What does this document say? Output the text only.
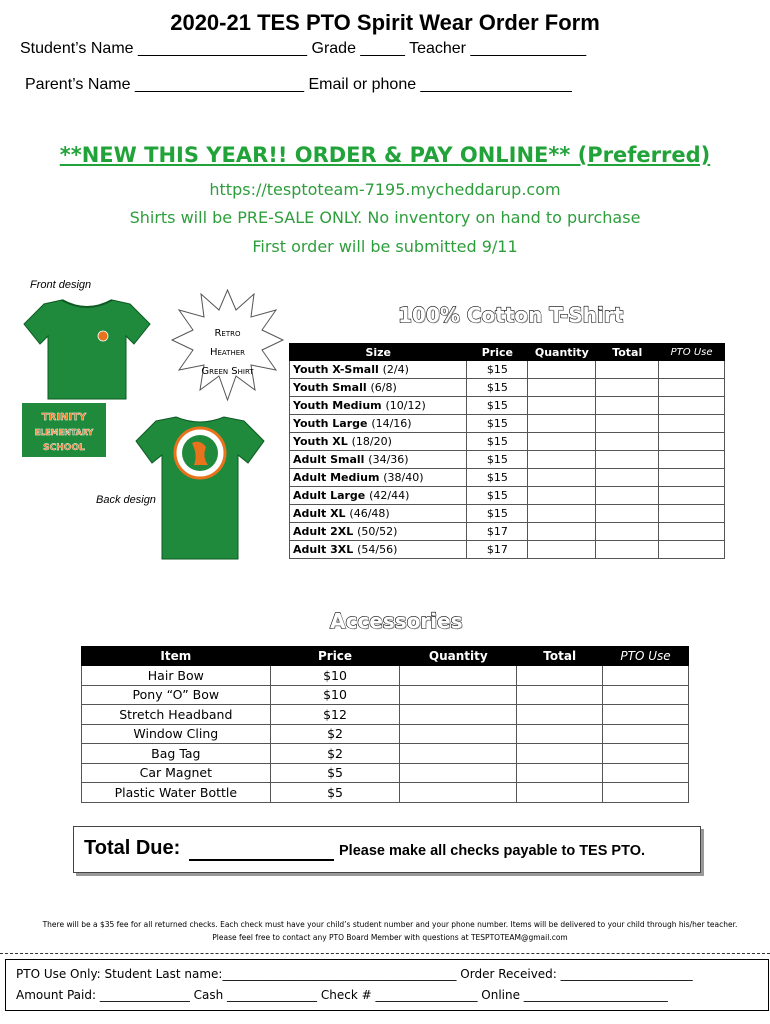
2020-21 TES PTO Spirit Wear Order Form
Student’s Name ___________________ Grade _____ Teacher _____________
Parent’s Name ___________________ Email or phone _________________
**NEW THIS YEAR!! ORDER & PAY ONLINE** (Preferred)
https://tesptoteam-7195.mycheddarup.com
Shirts will be PRE-SALE ONLY. No inventory on hand to purchase
First order will be submitted 9/11
Front design
Back design
TRINITY
ELEMENTARY
SCHOOL
Retro
Heather
Green Shirt
100% Cotton T-Shirt
Size	Price	Quantity	Total	PTO Use
Youth X-Small (2/4)	$15			
Youth Small (6/8)	$15			
Youth Medium (10/12)	$15			
Youth Large (14/16)	$15			
Youth XL (18/20)	$15			
Adult Small (34/36)	$15			
Adult Medium (38/40)	$15			
Adult Large (42/44)	$15			
Adult XL (46/48)	$15			
Adult 2XL (50/52)	$17			
Adult 3XL (54/56)	$17			
Accessories
Item	Price	Quantity	Total	PTO Use
Hair Bow	$10			
Pony “O” Bow	$10			
Stretch Headband	$12			
Window Cling	$2			
Bag Tag	$2			
Car Magnet	$5			
Plastic Water Bottle	$5			
Total Due:	Please make all checks payable to TES PTO.
There will be a $35 fee for all returned checks. Each check must have your child’s student number and your phone number. Items will be delivered to your child through his/her teacher. Please feel free to contact any PTO Board Member with questions at TESPTOTEAM@gmail.com
PTO Use Only: Student Last name:_______________________________________ Order Received: ______________________
Amount Paid: _______________ Cash _______________ Check # _________________ Online ________________________
